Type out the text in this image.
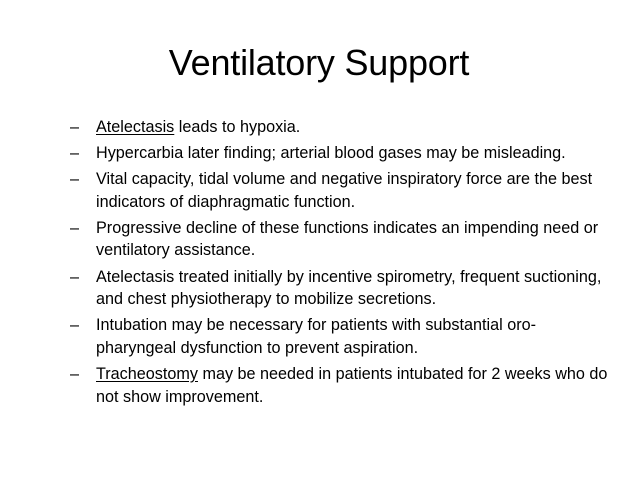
Ventilatory Support
–	Atelectasis leads to hypoxia.
–	Hypercarbia later finding; arterial blood gases may be misleading.
–	Vital capacity, tidal volume and negative inspiratory force are the best indicators of diaphragmatic function.
–	Progressive decline of these functions indicates an impending need or ventilatory assistance.
–	Atelectasis treated initially by incentive spirometry, frequent suctioning, and chest physiotherapy to mobilize secretions.
–	Intubation may be necessary for patients with substantial oro-pharyngeal dysfunction to prevent aspiration.
–	Tracheostomy may be needed in patients intubated for 2 weeks who do not show improvement.
